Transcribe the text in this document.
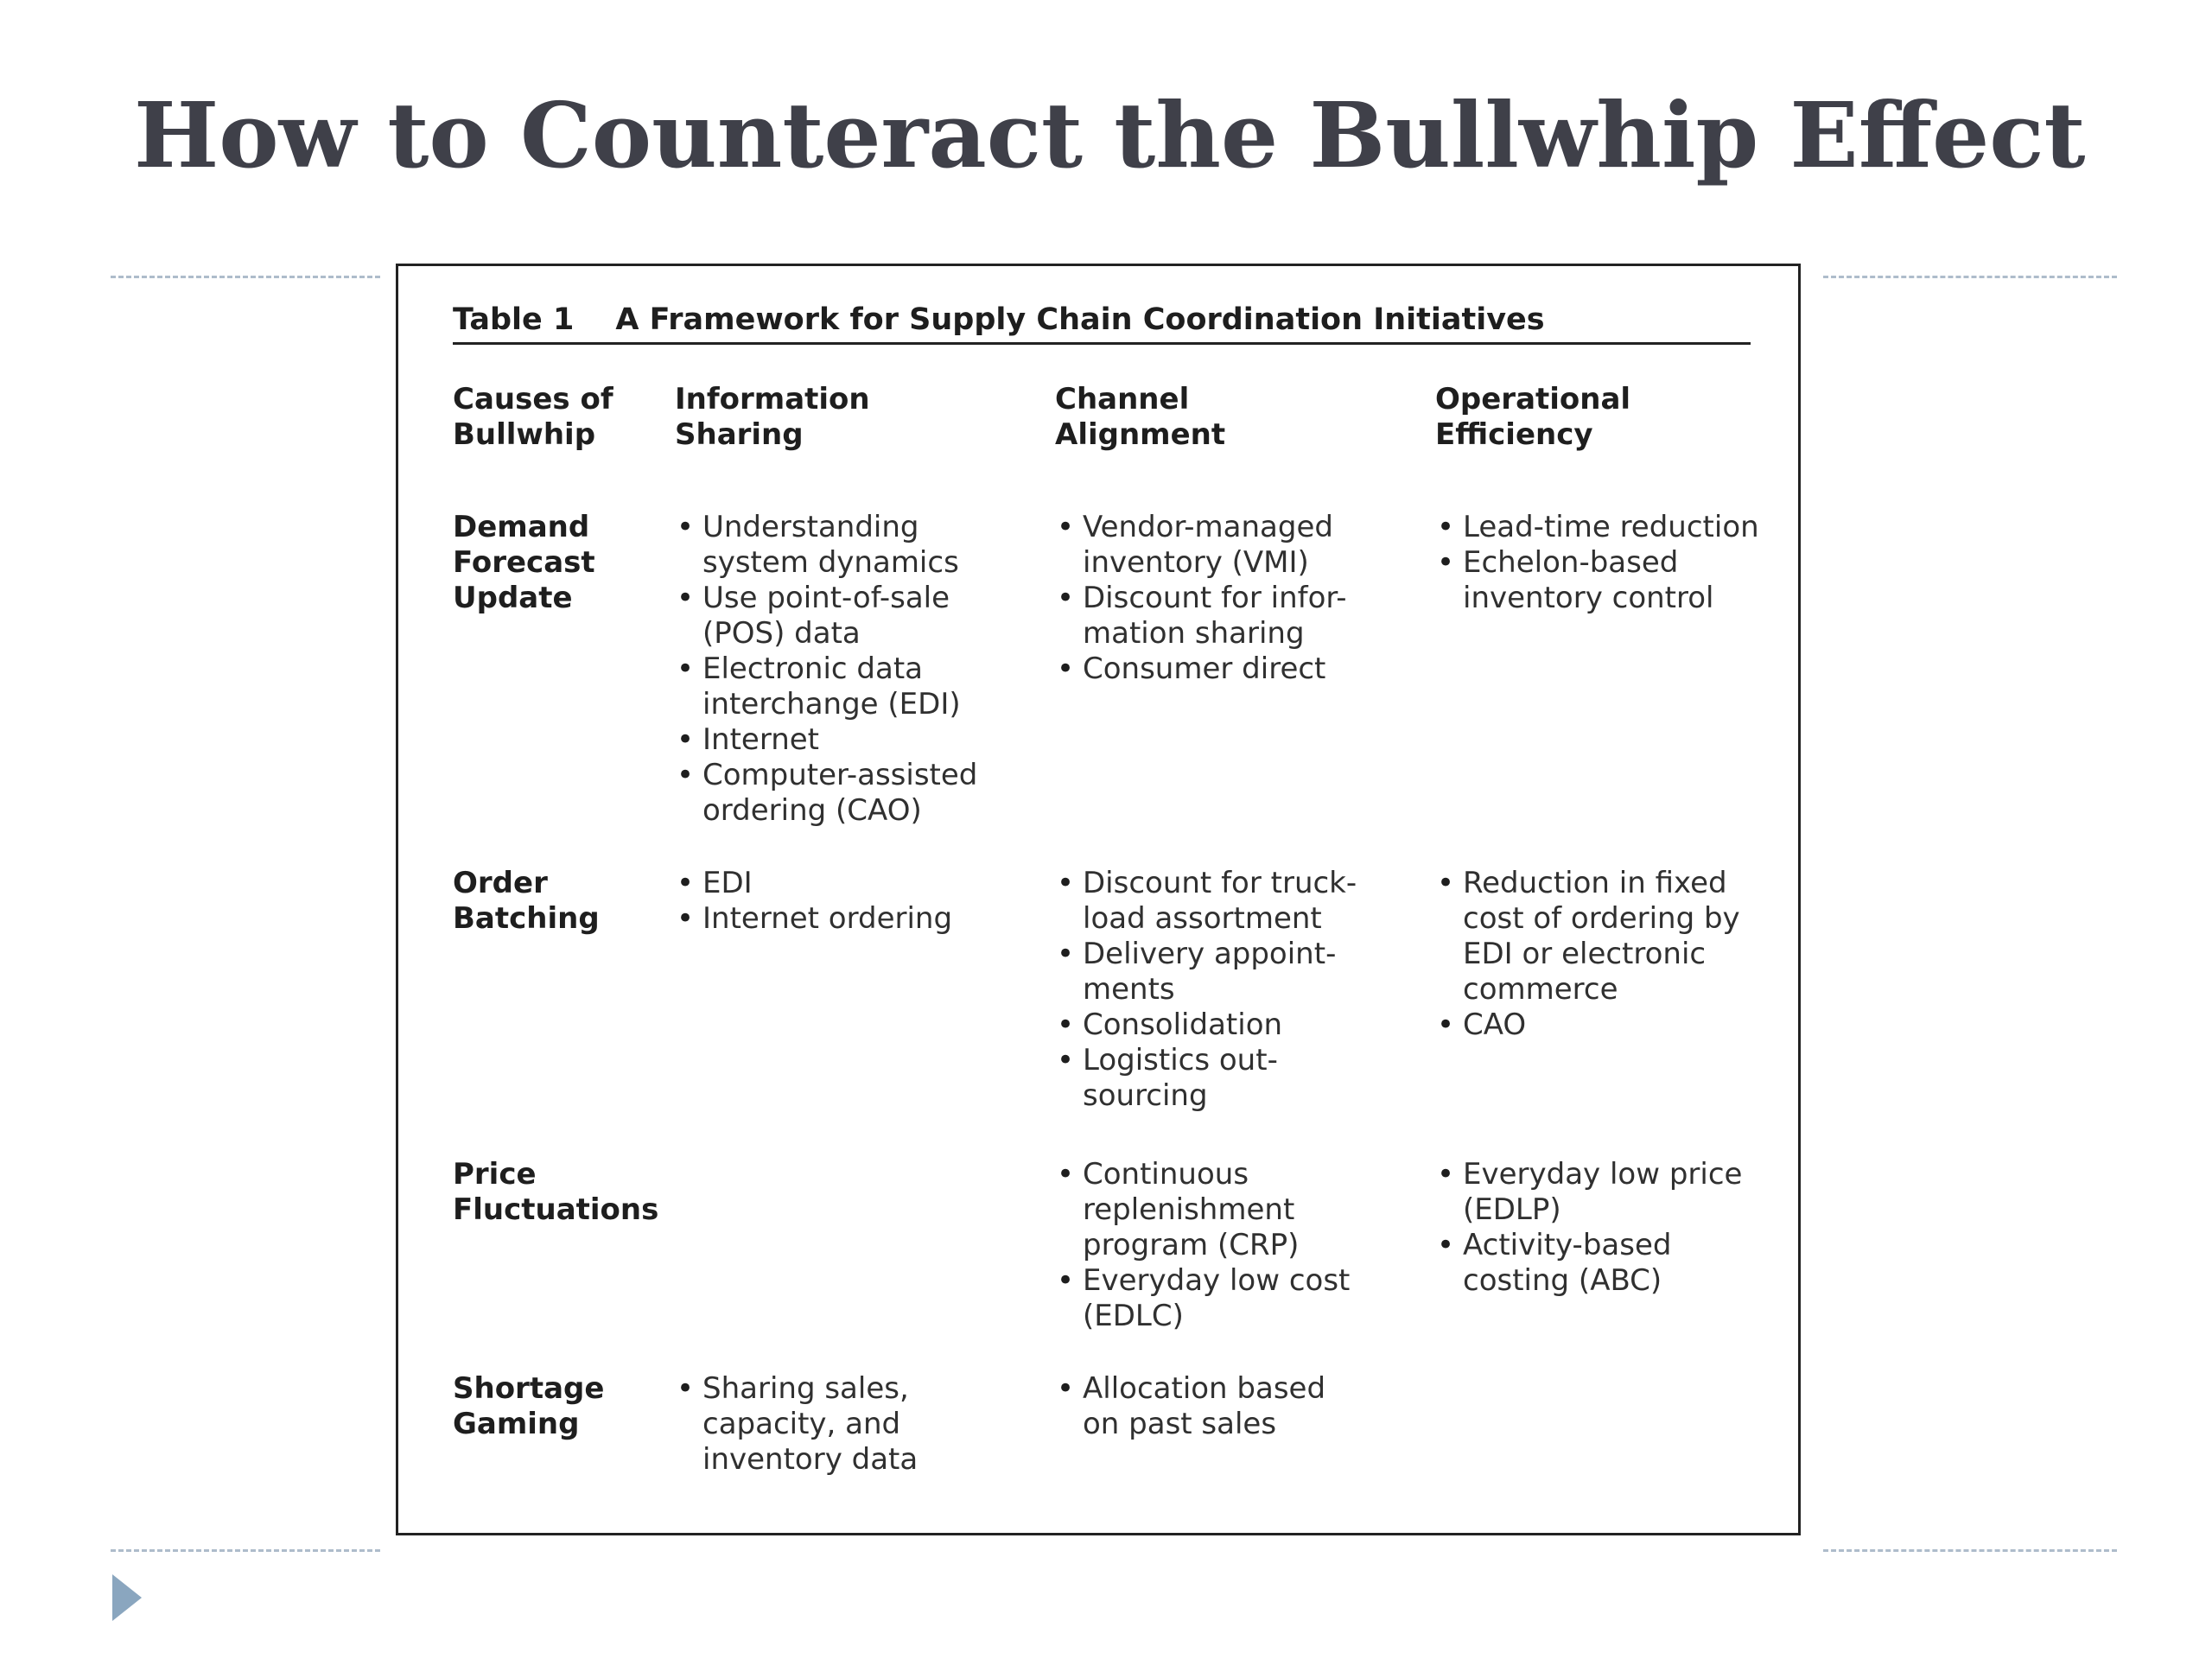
How to Counteract the Bullwhip Effect
Table 1 A Framework for Supply Chain Coordination Initiatives
Causes of
Bullwhip
Information
Sharing
Channel
Alignment
Operational
Efficiency
Demand
Forecast
Update
• Understanding
system dynamics
• Use point-of-sale
(POS) data
• Electronic data
interchange (EDI)
• Internet
• Computer-assisted
ordering (CAO)
• Vendor-managed
inventory (VMI)
• Discount for infor-
mation sharing
• Consumer direct
• Lead-time reduction
• Echelon-based
inventory control
Order
Batching
• EDI
• Internet ordering
• Discount for truck-
load assortment
• Delivery appoint-
ments
• Consolidation
• Logistics out-
sourcing
• Reduction in fixed
cost of ordering by
EDI or electronic
commerce
• CAO
Price
Fluctuations
• Continuous
replenishment
program (CRP)
• Everyday low cost
(EDLC)
• Everyday low price
(EDLP)
• Activity-based
costing (ABC)
Shortage
Gaming
• Sharing sales,
capacity, and
inventory data
• Allocation based
on past sales
